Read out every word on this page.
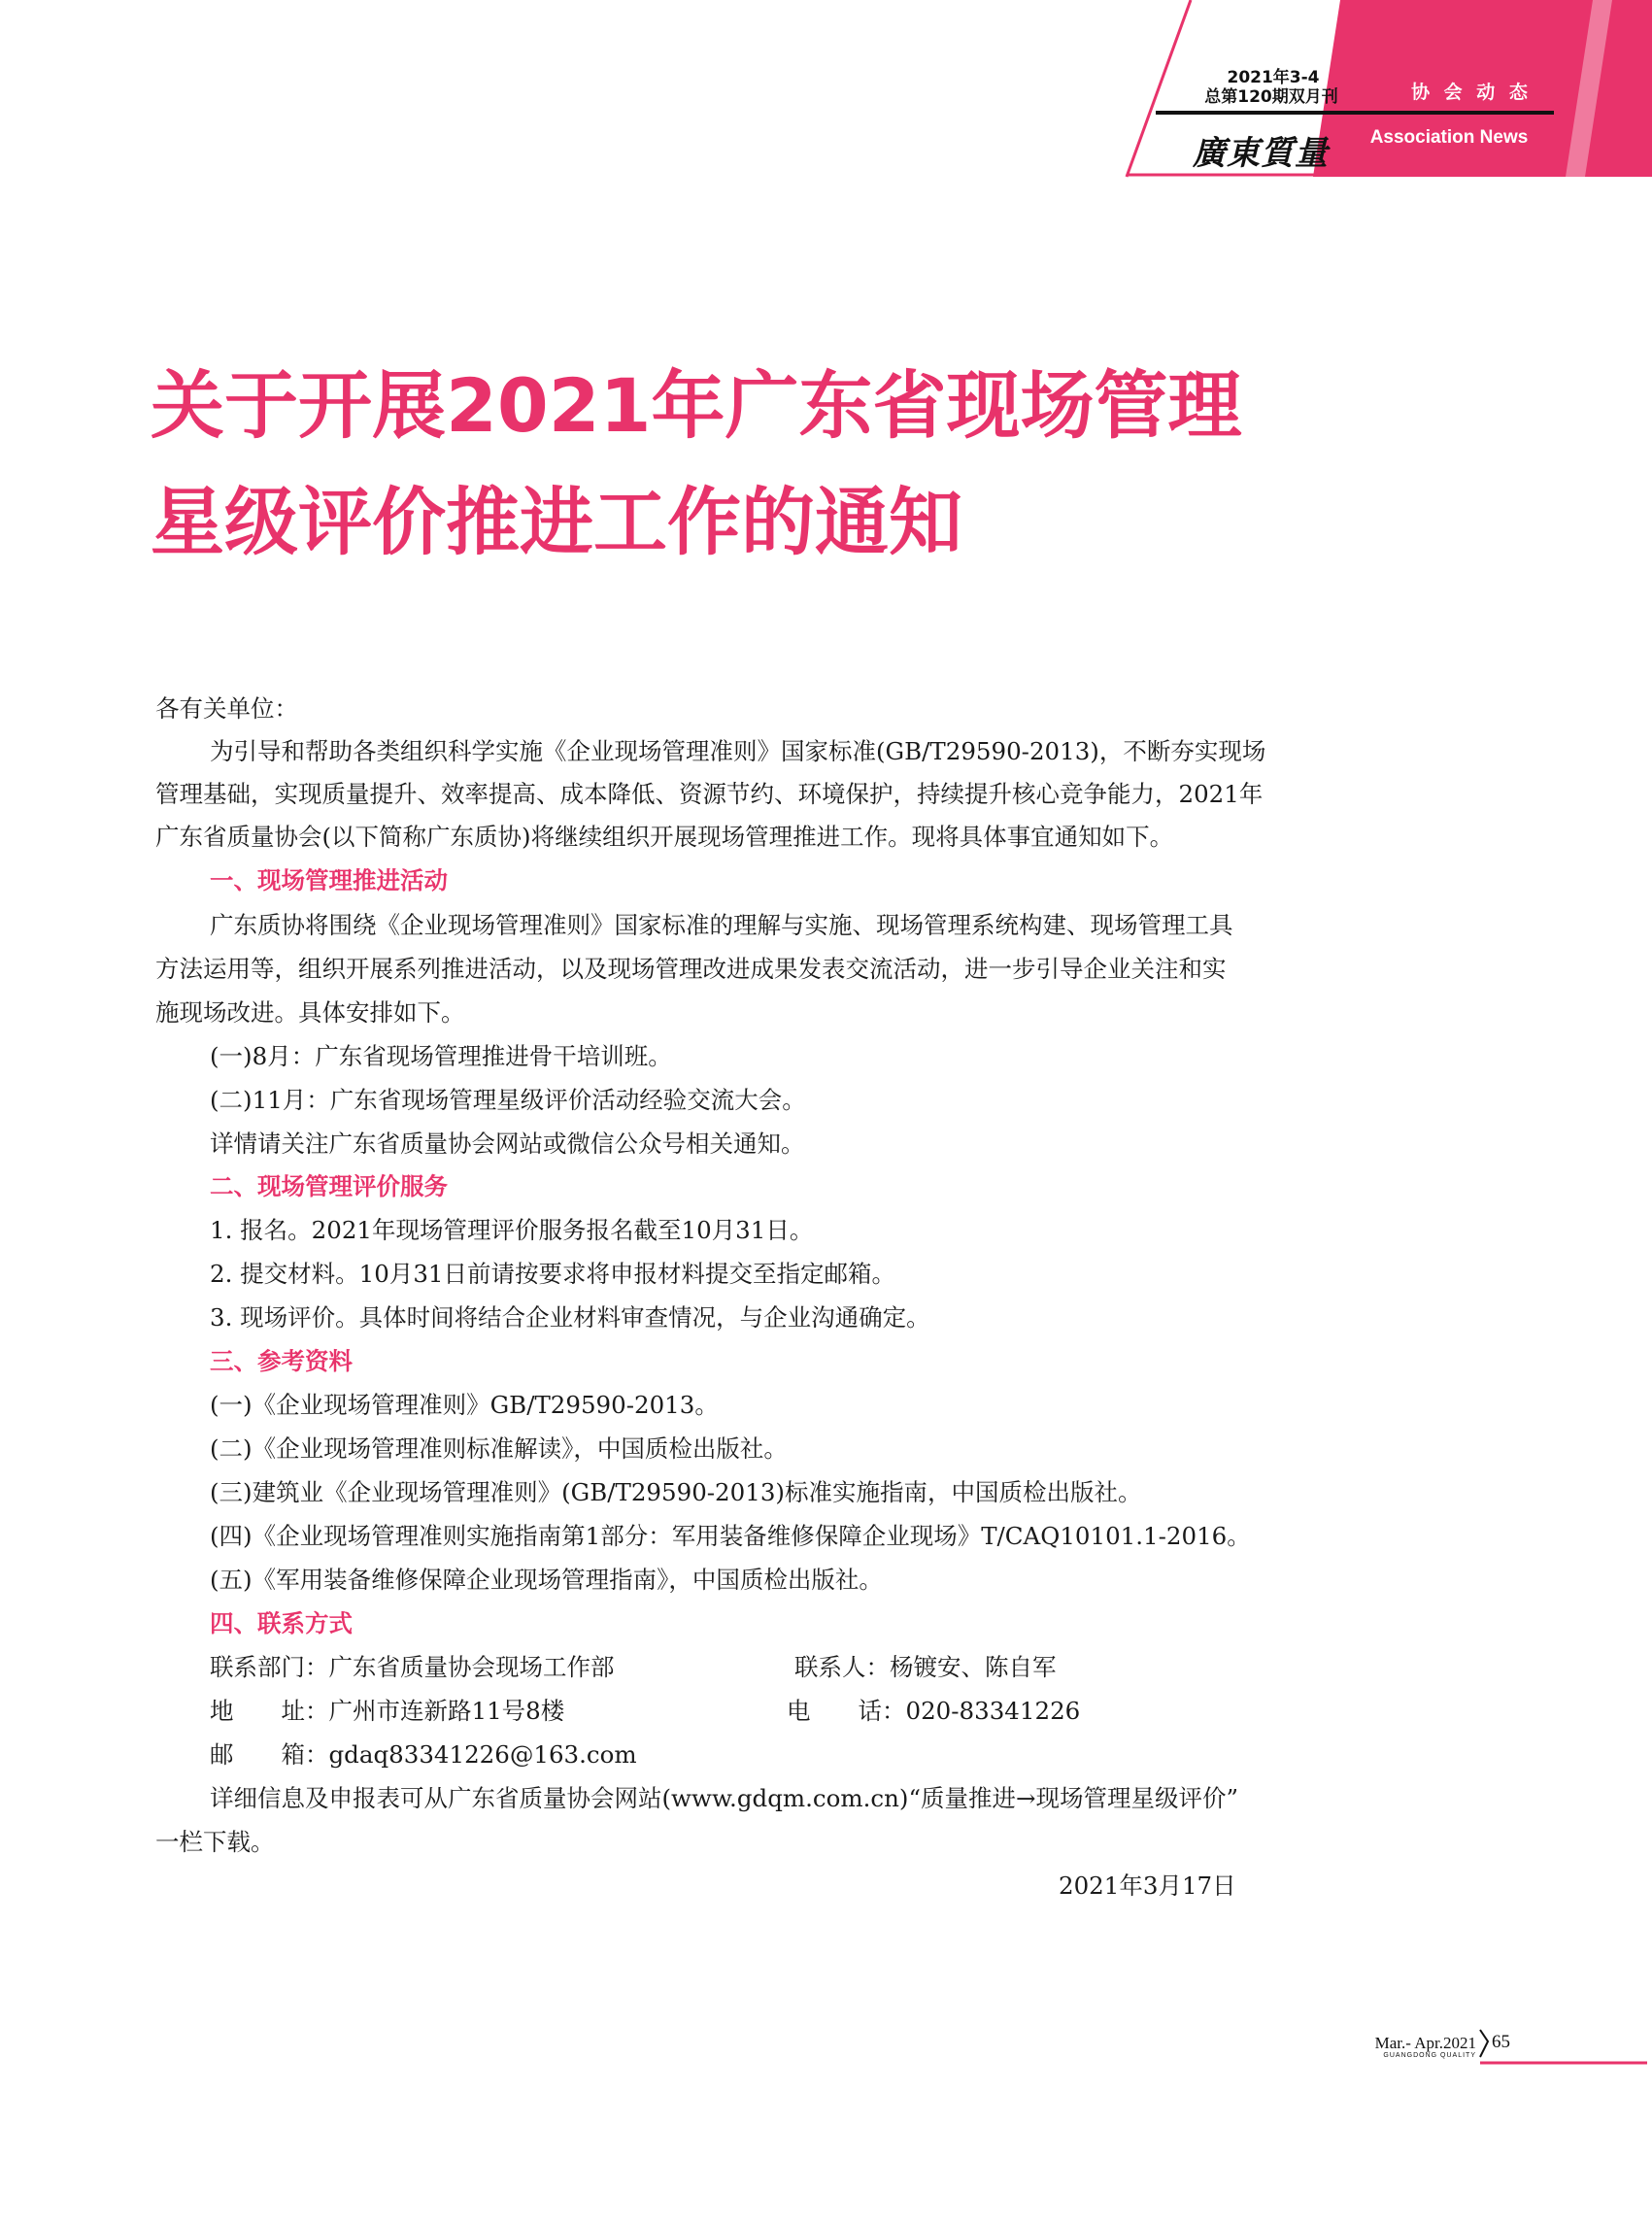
2021年3-4
总第120期双月刊
廣東質量
协 会 动 态
Association News
关于开展2021年广东省现场管理
星级评价推进工作的通知
各有关单位：
为引导和帮助各类组织科学实施《企业现场管理准则》国家标准(GB/T29590-2013)，不断夯实现场
管理基础，实现质量提升、效率提高、成本降低、资源节约、环境保护，持续提升核心竞争能力，2021年
广东省质量协会(以下简称广东质协)将继续组织开展现场管理推进工作。现将具体事宜通知如下。
一、现场管理推进活动
广东质协将围绕《企业现场管理准则》国家标准的理解与实施、现场管理系统构建、现场管理工具
方法运用等，组织开展系列推进活动，以及现场管理改进成果发表交流活动，进一步引导企业关注和实
施现场改进。具体安排如下。
(一)8月：广东省现场管理推进骨干培训班。
(二)11月：广东省现场管理星级评价活动经验交流大会。
详情请关注广东省质量协会网站或微信公众号相关通知。
二、现场管理评价服务
1. 报名。2021年现场管理评价服务报名截至10月31日。
2. 提交材料。10月31日前请按要求将申报材料提交至指定邮箱。
3. 现场评价。具体时间将结合企业材料审查情况，与企业沟通确定。
三、参考资料
(一)《企业现场管理准则》GB/T29590-2013。
(二)《企业现场管理准则标准解读》，中国质检出版社。
(三)建筑业《企业现场管理准则》(GB/T29590-2013)标准实施指南，中国质检出版社。
(四)《企业现场管理准则实施指南第1部分：军用装备维修保障企业现场》T/CAQ10101.1-2016。
(五)《军用装备维修保障企业现场管理指南》，中国质检出版社。
四、联系方式
联系部门：广东省质量协会现场工作部	联系人：杨镀安、陈自军
地　　址：广州市连新路11号8楼	电　　话：020-83341226
邮　　箱：gdaq83341226@163.com
详细信息及申报表可从广东省质量协会网站(www.gdqm.com.cn)“质量推进→现场管理星级评价”
一栏下载。
2021年3月17日
Mar.- Apr.2021
GUANGDONG QUALITY
65
